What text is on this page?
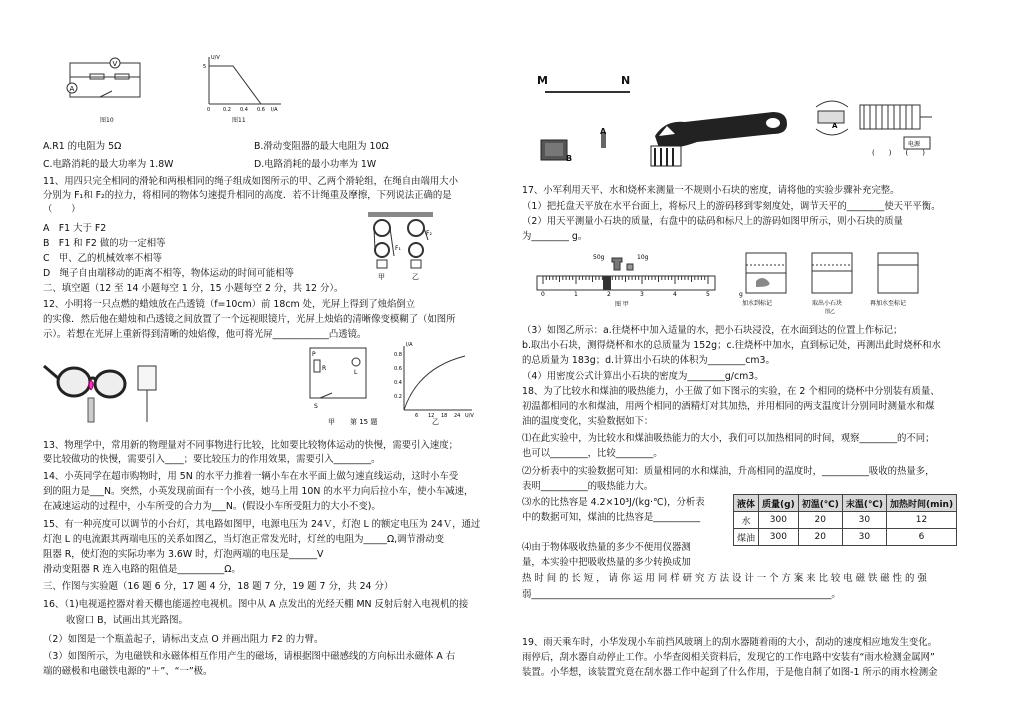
A
V
图10
U/V
I/A
5
0	0.2 0.4 0.6
图11
A.R1 的电阻为 5Ω	B.滑动变阻器的最大电阻为 10Ω
C.电路消耗的最大功率为 1.8W	D.电路消耗的最小功率为 1W
11、用四只完全相同的滑轮和两根相同的绳子组成如图所示的甲、乙两个滑轮组，在绳自由端用大小
分别为 F₁和 F₂的拉力，将相同的物体匀速提升相同的高度．若不计绳重及摩擦，下列说法正确的是
（　　）
A　F1 大于 F2
B　F1 和 F2 做的功一定相等
C　甲、乙的机械效率不相等
D　绳子自由端移动的距离不相等，物体运动的时间可能相等
F₁
F₂
甲	乙
二、填空题（12 至 14 小题每空 1 分，15 小题每空 2 分，共 12 分）。
12、小明将一只点燃的蜡烛放在凸透镜（f=10cm）前 18cm 处，光屏上得到了烛焰倒立
的实像．然后他在蜡烛和凸透镜之间放置了一个远视眼镜片，光屏上烛焰的清晰像变模糊了（如图所
示）。若想在光屏上重新得到清晰的烛焰像，他可将光屏____________凸透镜。
P
R
L
S
甲 第 15 题
I/A
0.2
0.4
0.6
0.8
6 12 18 24 U/V
乙
13、物理学中，常用新的物理量对不同事物进行比较，比如要比较物体运动的快慢，需要引入速度；
要比较做功的快慢，需要引入____；要比较压力的作用效果，需要引入________。
14、小英同学在超市购物时，用 5N 的水平力推着一辆小车在水平面上做匀速直线运动，这时小车受
到的阻力是___N。突然，小英发现前面有一个小孩，她马上用 10N 的水平力向后拉小车，使小车减速，
在减速运动的过程中，小车所受的合力为___N。(假设小车所受阻力的大小不变)。
15、有一种亮度可以调节的小台灯，其电路如图甲，电源电压为 24Ｖ，灯泡 L 的额定电压为 24Ｖ，通过
灯泡 L 的电流跟其两端电压的关系如图乙，当灯泡正常发光时，灯丝的电阻为_____Ω,调节滑动变
阻器 R，使灯泡的实际功率为 3.6W 时，灯泡两端的电压是______V
滑动变阻器 R 连入电路的阻值是__________Ω。
三、作图与实验题（16 题 6 分，17 题 4 分，18 题 7 分，19 题 7 分，共 24 分）
16、（1)电视遥控器对着天棚也能遥控电视机。图中从 A 点发出的光经天棚 MN 反射后射入电视机的接
收窗口 B，试画出其光路图。
（2）如图是一个瓶盖起子，请标出支点 O 并画出阻力 F2 的力臂。
（3）如图所示，为电磁铁和永磁体相互作用产生的磁场，请根据图中磁感线的方向标出永磁体 A 右
端的磁极和电磁铁电源的“＋”、“一”极。
M	N
A
B
电源
A
(　　)　　(　　)
17、小军利用天平、水和烧杯来测量一不规则小石块的密度，请将他的实验步骤补充完整。
（1）把托盘天平放在水平台面上，将标尺上的游码移到零刻度处，调节天平的________使天平平衡。
（2）用天平测量小石块的质量，右盘中的砝码和标尺上的游码如图甲所示，则小石块的质量
为________ g。
50g	10g
0	1	2	3	4	5	g
图 甲	加水到标记	取出小石块	再加水至标记
图乙
（3）如图乙所示：a.往烧杯中加入适量的水，把小石块浸没，在水面到达的位置上作标记；
b.取出小石块，测得烧杯和水的总质量为 152g；c.往烧杯中加水，直到标记处，再测出此时烧杯和水
的总质量为 183g；d.计算出小石块的体积为________cm3。
（4）用密度公式计算出小石块的密度为________g/cm3。
18、为了比较水和煤油的吸热能力，小王做了如下图示的实验，在 2 个相同的烧杯中分别装有质量、
初温都相同的水和煤油，用两个相同的酒精灯对其加热，并用相同的两支温度计分别同时测量水和煤
油的温度变化，实验数据如下：
⑴在此实验中，为比较水和煤油吸热能力的大小，我们可以加热相同的时间，观察________的不同；
也可以________，比较________。
⑵分析表中的实验数据可知：质量相同的水和煤油，升高相同的温度时，__________吸收的热量多，
表明__________的吸热能力大。
⑶水的比热容是 4.2×10³J/(kg·℃)，分析表
中的数据可知，煤油的比热容是__________
⑷由于物体吸收热量的多少不便用仪器测
量，本实验中把吸收热量的多少转换成加
热 时 间 的 长 短 ， 请 你 运 用 同 样 研 究 方 法 设 计 一 个 方 案 来 比 较 电 磁 铁 磁 性 的 强
弱________________________________________________________________。
液体	质量(g)	初温(℃)	末温(℃)	加热时间(min)
水	300	20	30	12
煤油	300	20	30	6
19、雨天乘车时，小华发现小车前挡风玻璃上的刮水器随着雨的大小，刮动的速度相应地发生变化。
雨停后，刮水器自动停止工作。小华查阅相关资料后，发现它的工作电路中安装有“雨水检测金属网”
装置。小华想，该装置究竟在刮水器工作中起到了什么作用，于是他自制了如图-1 所示的雨水检测金
